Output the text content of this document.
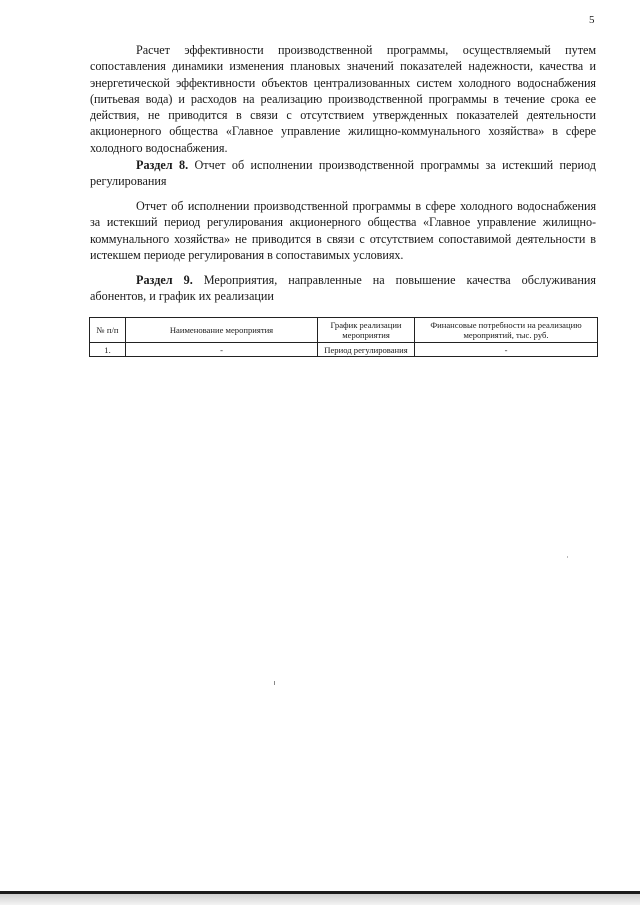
5

Расчет эффективности производственной программы, осуществляемый путем сопоставления динамики изменения плановых значений показателей надежности, качества и энергетической эффективности объектов централизованных систем холодного водоснабжения (питьевая вода) и расходов на реализацию производственной программы в течение срока ее действия, не приводится в связи с отсутствием утвержденных показателей деятельности акционерного общества «Главное управление жилищно-коммунального хозяйства» в сфере холодного водоснабжения.

Раздел 8. Отчет об исполнении производственной программы за истекший период регулирования

Отчет об исполнении производственной программы в сфере холодного водоснабжения за истекший период регулирования акционерного общества «Главное управление жилищно-коммунального хозяйства» не приводится в связи с отсутствием сопоставимой деятельности в истекшем периоде регулирования в сопоставимых условиях.

Раздел 9. Мероприятия, направленные на повышение качества обслуживания абонентов, и график их реализации

№ п/п	Наименование мероприятия	График реализации мероприятия	Финансовые потребности на реализацию мероприятий, тыс. руб.
1.	-	Период регулирования	-
